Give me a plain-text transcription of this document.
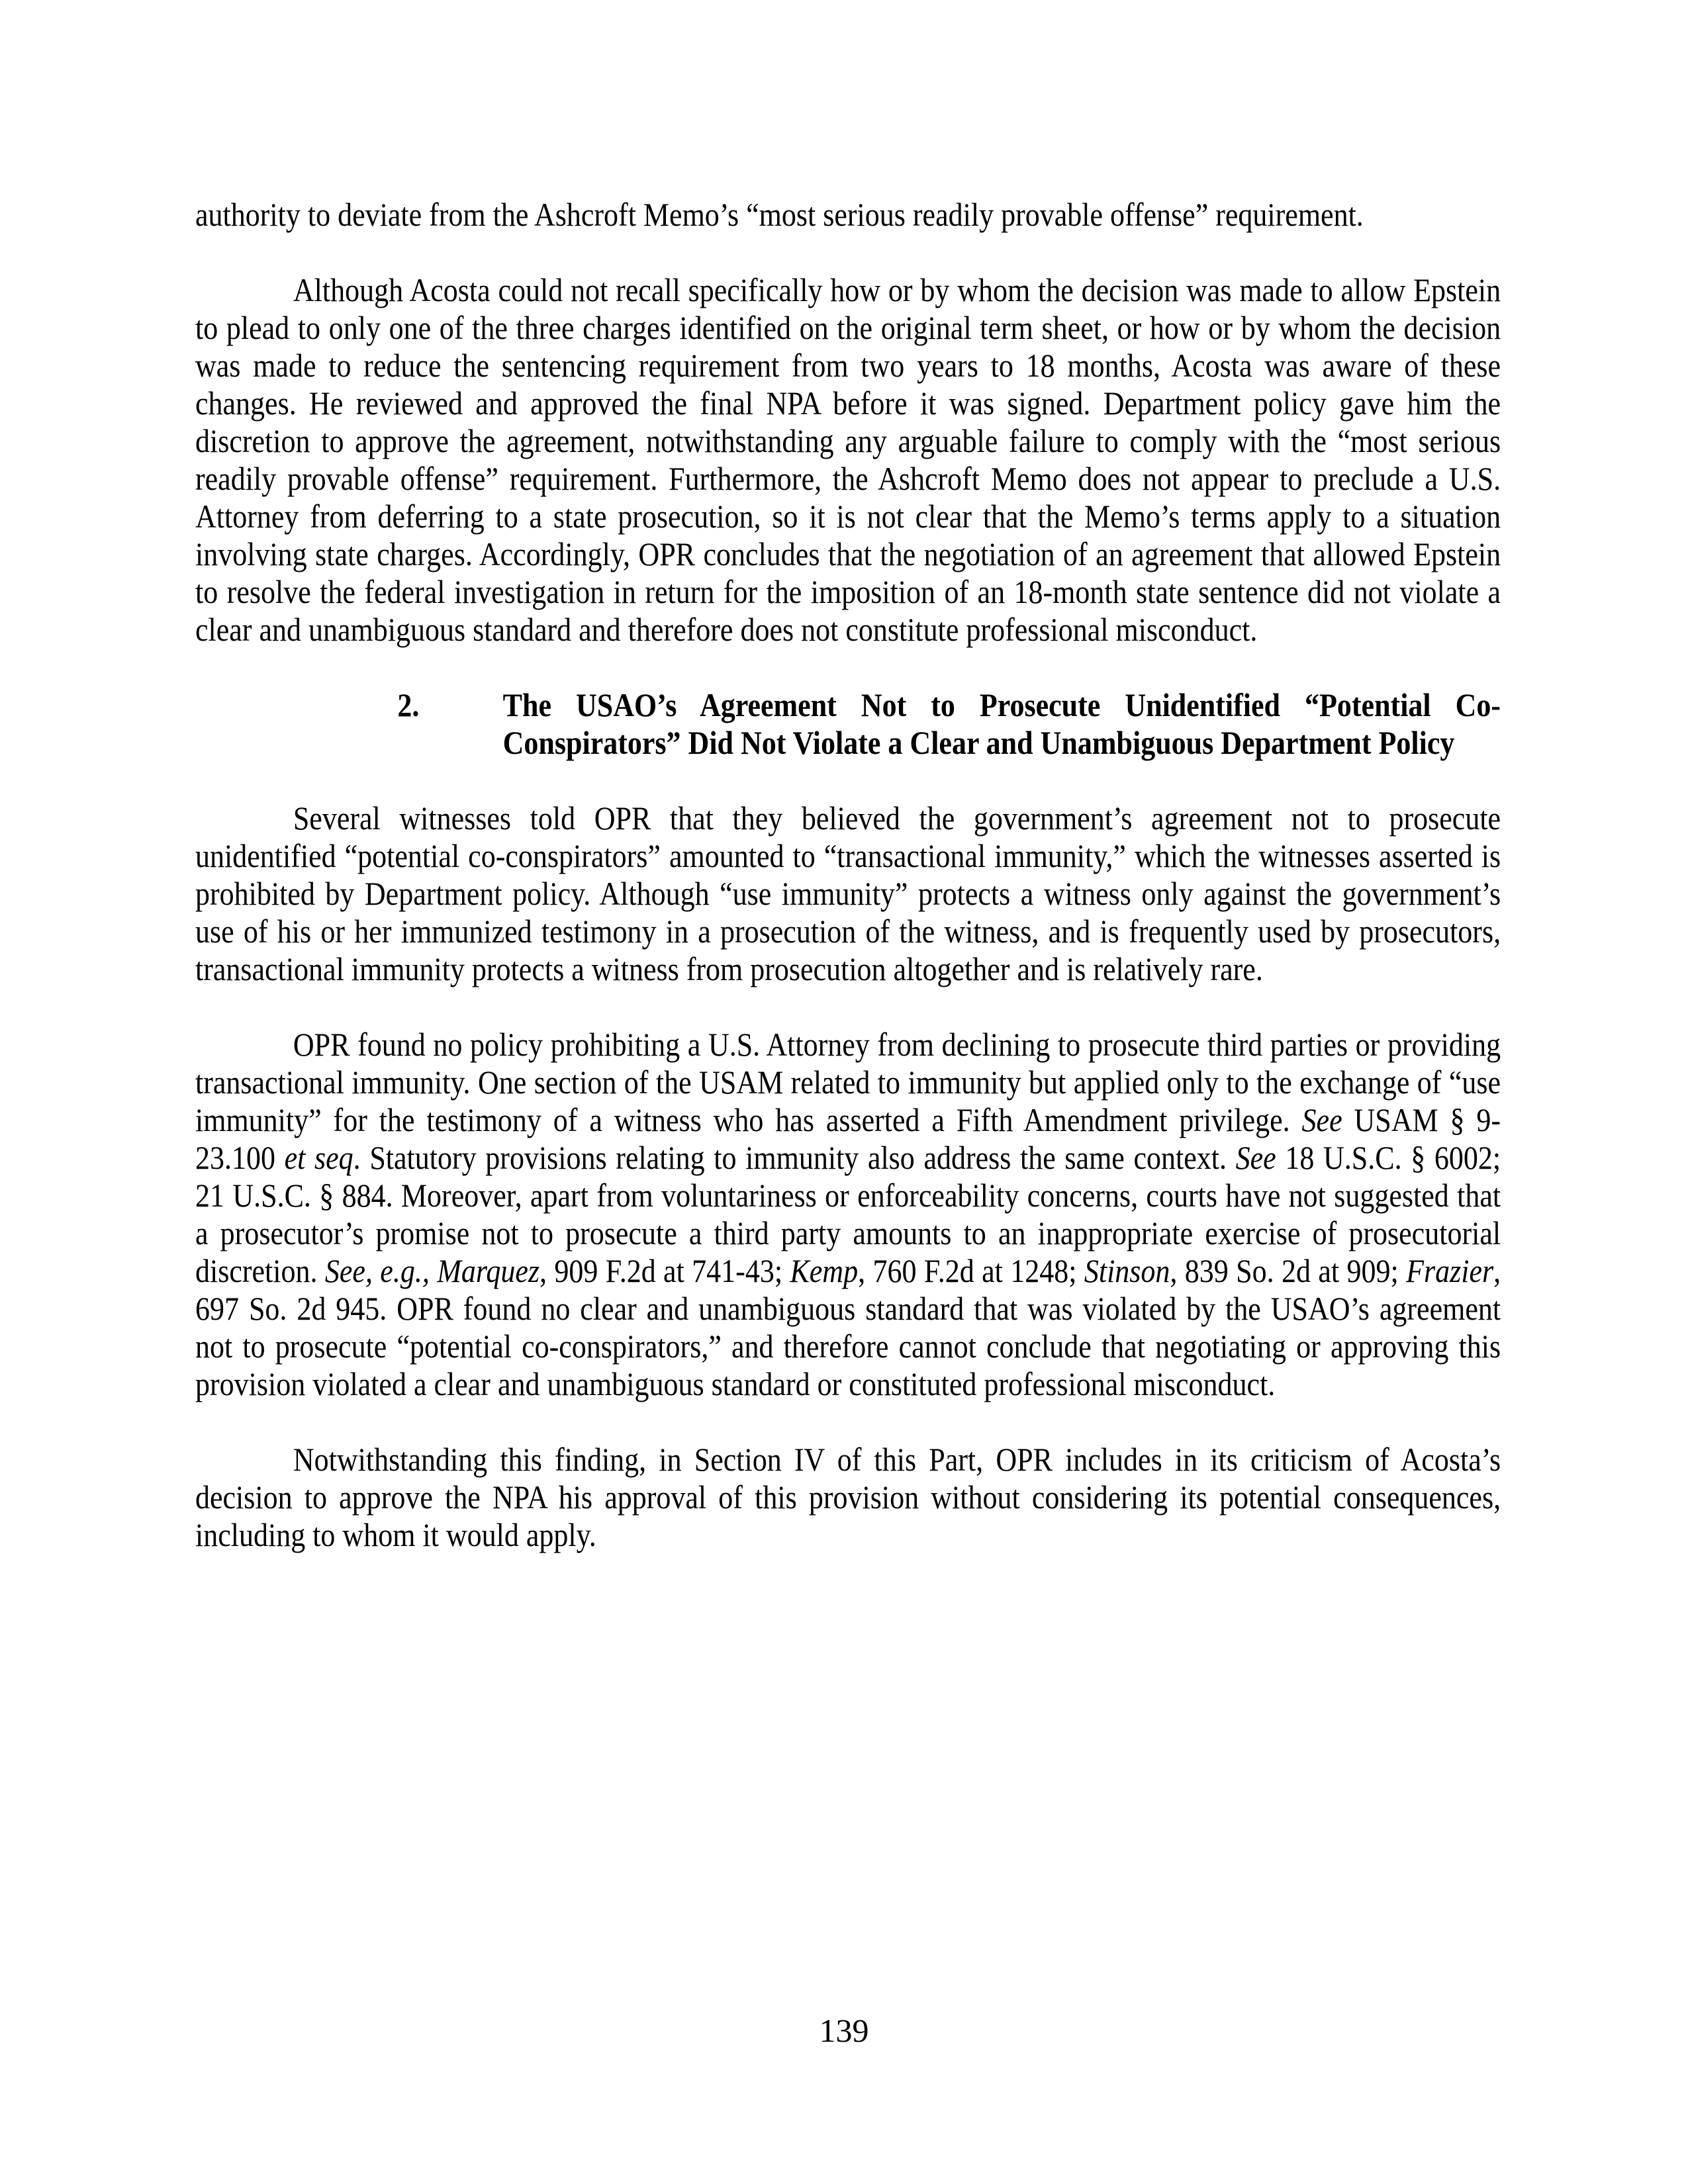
authority to deviate from the Ashcroft Memo’s “most serious readily provable offense” requirement.

Although Acosta could not recall specifically how or by whom the decision was made to allow Epstein to plead to only one of the three charges identified on the original term sheet, or how or by whom the decision was made to reduce the sentencing requirement from two years to 18 months, Acosta was aware of these changes. He reviewed and approved the final NPA before it was signed. Department policy gave him the discretion to approve the agreement, notwithstanding any arguable failure to comply with the “most serious readily provable offense” requirement. Furthermore, the Ashcroft Memo does not appear to preclude a U.S. Attorney from deferring to a state prosecution, so it is not clear that the Memo’s terms apply to a situation involving state charges. Accordingly, OPR concludes that the negotiation of an agreement that allowed Epstein to resolve the federal investigation in return for the imposition of an 18-month state sentence did not violate a clear and unambiguous standard and therefore does not constitute professional misconduct.

2.	The USAO’s Agreement Not to Prosecute Unidentified “Potential Co-Conspirators” Did Not Violate a Clear and Unambiguous Department Policy

Several witnesses told OPR that they believed the government’s agreement not to prosecute unidentified “potential co-conspirators” amounted to “transactional immunity,” which the witnesses asserted is prohibited by Department policy. Although “use immunity” protects a witness only against the government’s use of his or her immunized testimony in a prosecution of the witness, and is frequently used by prosecutors, transactional immunity protects a witness from prosecution altogether and is relatively rare.

OPR found no policy prohibiting a U.S. Attorney from declining to prosecute third parties or providing transactional immunity. One section of the USAM related to immunity but applied only to the exchange of “use immunity” for the testimony of a witness who has asserted a Fifth Amendment privilege. See USAM § 9-23.100 et seq. Statutory provisions relating to immunity also address the same context. See 18 U.S.C. § 6002; 21 U.S.C. § 884. Moreover, apart from voluntariness or enforceability concerns, courts have not suggested that a prosecutor’s promise not to prosecute a third party amounts to an inappropriate exercise of prosecutorial discretion. See, e.g., Marquez, 909 F.2d at 741-43; Kemp, 760 F.2d at 1248; Stinson, 839 So. 2d at 909; Frazier, 697 So. 2d 945. OPR found no clear and unambiguous standard that was violated by the USAO’s agreement not to prosecute “potential co-conspirators,” and therefore cannot conclude that negotiating or approving this provision violated a clear and unambiguous standard or constituted professional misconduct.

Notwithstanding this finding, in Section IV of this Part, OPR includes in its criticism of Acosta’s decision to approve the NPA his approval of this provision without considering its potential consequences, including to whom it would apply.

139
